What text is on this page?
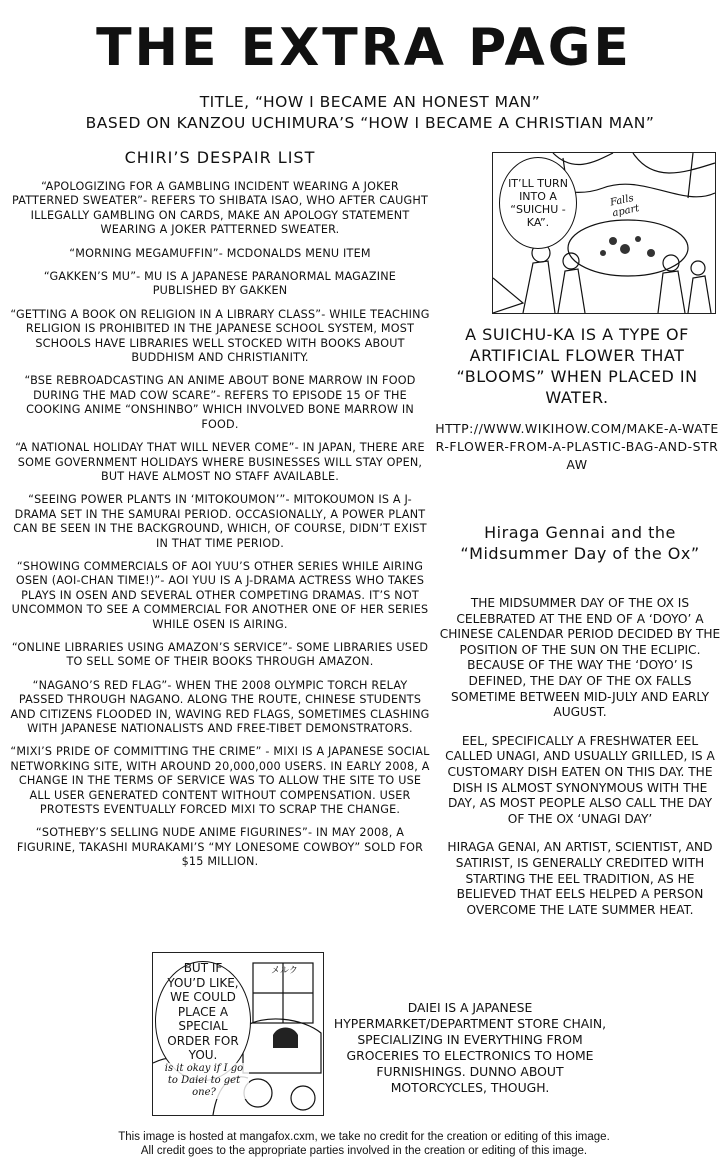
THE EXTRA PAGE
TITLE, “HOW I BECAME AN HONEST MAN”
BASED ON KANZOU UCHIMURA’S “HOW I BECAME A CHRISTIAN MAN”
CHIRI’S DESPAIR LIST

“APOLOGIZING FOR A GAMBLING INCIDENT WEARING A JOKER PATTERNED SWEATER”- REFERS TO SHIBATA ISAO, WHO AFTER CAUGHT ILLEGALLY GAMBLING ON CARDS, MAKE AN APOLOGY STATEMENT WEARING A JOKER PATTERNED SWEATER.

“MORNING MEGAMUFFIN”- MCDONALDS MENU ITEM

“GAKKEN’S MU”- MU IS A JAPANESE PARANORMAL MAGAZINE PUBLISHED BY GAKKEN

“GETTING A BOOK ON RELIGION IN A LIBRARY CLASS”- WHILE TEACHING RELIGION IS PROHIBITED IN THE JAPANESE SCHOOL SYSTEM, MOST SCHOOLS HAVE LIBRARIES WELL STOCKED WITH BOOKS ABOUT BUDDHISM AND CHRISTIANITY.

“BSE REBROADCASTING AN ANIME ABOUT BONE MARROW IN FOOD DURING THE MAD COW SCARE”- REFERS TO EPISODE 15 OF THE COOKING ANIME “ONSHINBO” WHICH INVOLVED BONE MARROW IN FOOD.

“A NATIONAL HOLIDAY THAT WILL NEVER COME”- IN JAPAN, THERE ARE SOME GOVERNMENT HOLIDAYS WHERE BUSINESSES WILL STAY OPEN, BUT HAVE ALMOST NO STAFF AVAILABLE.

“SEEING POWER PLANTS IN ‘MITOKOUMON’”- MITOKOUMON IS A J-DRAMA SET IN THE SAMURAI PERIOD. OCCASIONALLY, A POWER PLANT CAN BE SEEN IN THE BACKGROUND, WHICH, OF COURSE, DIDN’T EXIST IN THAT TIME PERIOD.

“SHOWING COMMERCIALS OF AOI YUU’S OTHER SERIES WHILE AIRING OSEN (AOI-CHAN TIME!)”- AOI YUU IS A J-DRAMA ACTRESS WHO TAKES PLAYS IN OSEN AND SEVERAL OTHER COMPETING DRAMAS. IT’S NOT UNCOMMON TO SEE A COMMERCIAL FOR ANOTHER ONE OF HER SERIES WHILE OSEN IS AIRING.

“ONLINE LIBRARIES USING AMAZON’S SERVICE”- SOME LIBRARIES USED TO SELL SOME OF THEIR BOOKS THROUGH AMAZON.

“NAGANO’S RED FLAG”- WHEN THE 2008 OLYMPIC TORCH RELAY PASSED THROUGH NAGANO. ALONG THE ROUTE, CHINESE STUDENTS AND CITIZENS FLOODED IN, WAVING RED FLAGS, SOMETIMES CLASHING WITH JAPANESE NATIONALISTS AND FREE-TIBET DEMONSTRATORS.

“MIXI’S PRIDE OF COMMITTING THE CRIME” - MIXI IS A JAPANESE SOCIAL NETWORKING SITE, WITH AROUND 20,000,000 USERS. IN EARLY 2008, A CHANGE IN THE TERMS OF SERVICE WAS TO ALLOW THE SITE TO USE ALL USER GENERATED CONTENT WITHOUT COMPENSATION. USER PROTESTS EVENTUALLY FORCED MIXI TO SCRAP THE CHANGE.

“SOTHEBY’S SELLING NUDE ANIME FIGURINES”- IN MAY 2008, A FIGURINE, TAKASHI MURAKAMI’S “MY LONESOME COWBOY” SOLD FOR $15 MILLION.

IT’LL TURN INTO A “SUICHU -KA”.
Falls apart
A SUICHU-KA IS A TYPE OF ARTIFICIAL FLOWER THAT “BLOOMS” WHEN PLACED IN WATER.
HTTP://WWW.WIKIHOW.COM/MAKE-A-WATER-FLOWER-FROM-A-PLASTIC-BAG-AND-STRAW
Hiraga Gennai and the “Midsummer Day of the Ox”

THE MIDSUMMER DAY OF THE OX IS CELEBRATED AT THE END OF A ‘DOYO’ A CHINESE CALENDAR PERIOD DECIDED BY THE POSITION OF THE SUN ON THE ECLIPIC. BECAUSE OF THE WAY THE ‘DOYO’ IS DEFINED, THE DAY OF THE OX FALLS SOMETIME BETWEEN MID-JULY AND EARLY AUGUST.

EEL, SPECIFICALLY A FRESHWATER EEL CALLED UNAGI, AND USUALLY GRILLED, IS A CUSTOMARY DISH EATEN ON THIS DAY. THE DISH IS ALMOST SYNONYMOUS WITH THE DAY, AS MOST PEOPLE ALSO CALL THE DAY OF THE OX ‘UNAGI DAY’

HIRAGA GENAI, AN ARTIST, SCIENTIST, AND SATIRIST, IS GENERALLY CREDITED WITH STARTING THE EEL TRADITION, AS HE BELIEVED THAT EELS HELPED A PERSON OVERCOME THE LATE SUMMER HEAT.

メルク
BUT IF YOU’D LIKE, WE COULD PLACE A SPECIAL ORDER FOR YOU.
is it okay if I go to Daiei to get one?
DAIEI IS A JAPANESE HYPERMARKET/DEPARTMENT STORE CHAIN, SPECIALIZING IN EVERYTHING FROM GROCERIES TO ELECTRONICS TO HOME FURNISHINGS. DUNNO ABOUT MOTORCYCLES, THOUGH.
This image is hosted at mangafox.cxm, we take no credit for the creation or editing of this image.
All credit goes to the appropriate parties involved in the creation or editing of this image.
